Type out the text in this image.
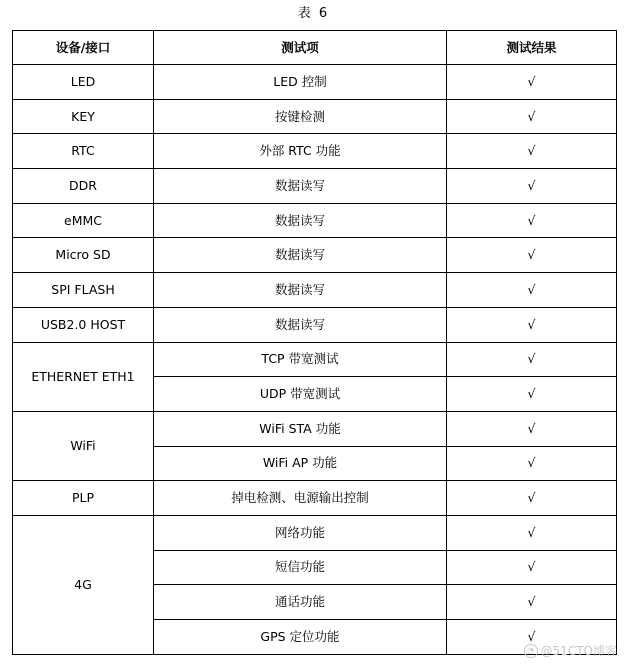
表 6
设备/接口	测试项	测试结果
LED	LED 控制	√
KEY	按键检测	√
RTC	外部 RTC 功能	√
DDR	数据读写	√
eMMC	数据读写	√
Micro SD	数据读写	√
SPI FLASH	数据读写	√
USB2.0 HOST	数据读写	√
ETHERNET ETH1	TCP 带宽测试	√
	UDP 带宽测试	√
WiFi	WiFi STA 功能	√
	WiFi AP 功能	√
PLP	掉电检测、电源输出控制	√
4G	网络功能	√
	短信功能	√
	通话功能	√
	GPS 定位功能	√
◔ @51CTO博客
